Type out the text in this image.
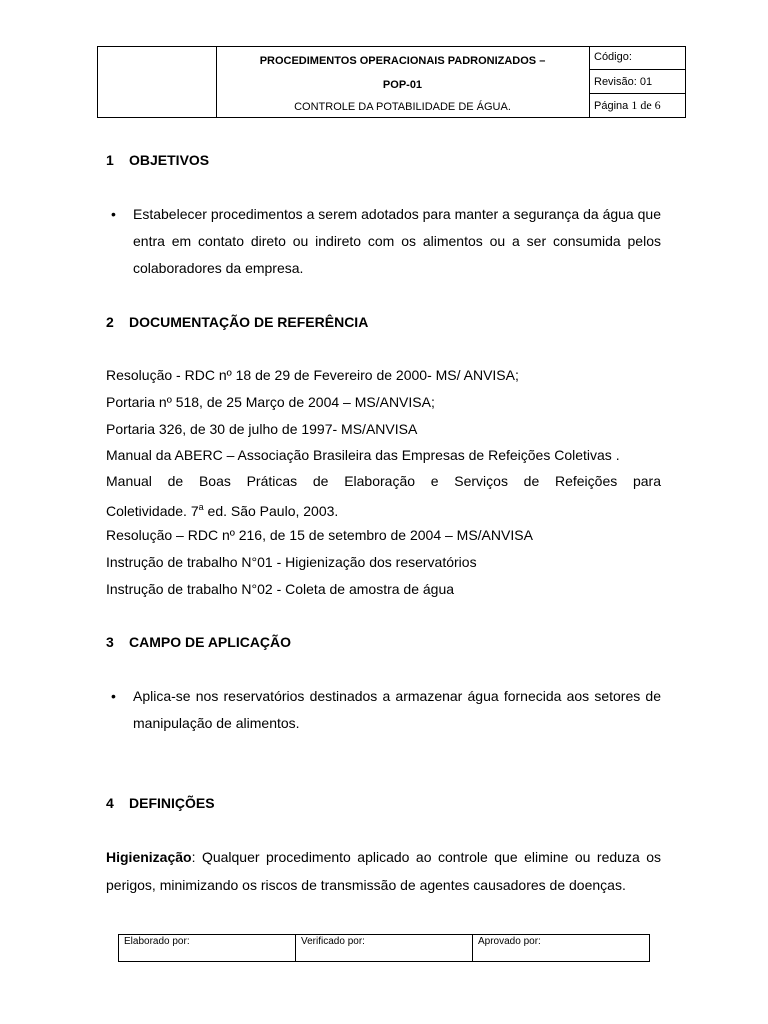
PROCEDIMENTOS OPERACIONAIS PADRONIZADOS –
POP-01
CONTROLE DA POTABILIDADE DE ÁGUA.
Código:
Revisão: 01
Página 1 de 6
1 OBJETIVOS
• Estabelecer procedimentos a serem adotados para manter a segurança da água que entra em contato direto ou indireto com os alimentos ou a ser consumida pelos colaboradores da empresa.
2 DOCUMENTAÇÃO DE REFERÊNCIA
Resolução - RDC nº 18 de 29 de Fevereiro de 2000- MS/ ANVISA;
Portaria nº 518, de 25 Março de 2004 – MS/ANVISA;
Portaria 326, de 30 de julho de 1997- MS/ANVISA
Manual da ABERC – Associação Brasileira das Empresas de Refeições Coletivas .
Manual de Boas Práticas de Elaboração e Serviços de Refeições para
Coletividade. 7$^a$ ed. São Paulo, 2003.
Resolução – RDC nº 216, de 15 de setembro de 2004 – MS/ANVISA
Instrução de trabalho N°01 - Higienização dos reservatórios
Instrução de trabalho N°02 - Coleta de amostra de água
3 CAMPO DE APLICAÇÃO
• Aplica-se nos reservatórios destinados a armazenar água fornecida aos setores de manipulação de alimentos.
4 DEFINIÇÕES
Higienização: Qualquer procedimento aplicado ao controle que elimine ou reduza os perigos, minimizando os riscos de transmissão de agentes causadores de doenças.
Elaborado por:	Verificado por:	Aprovado por:
